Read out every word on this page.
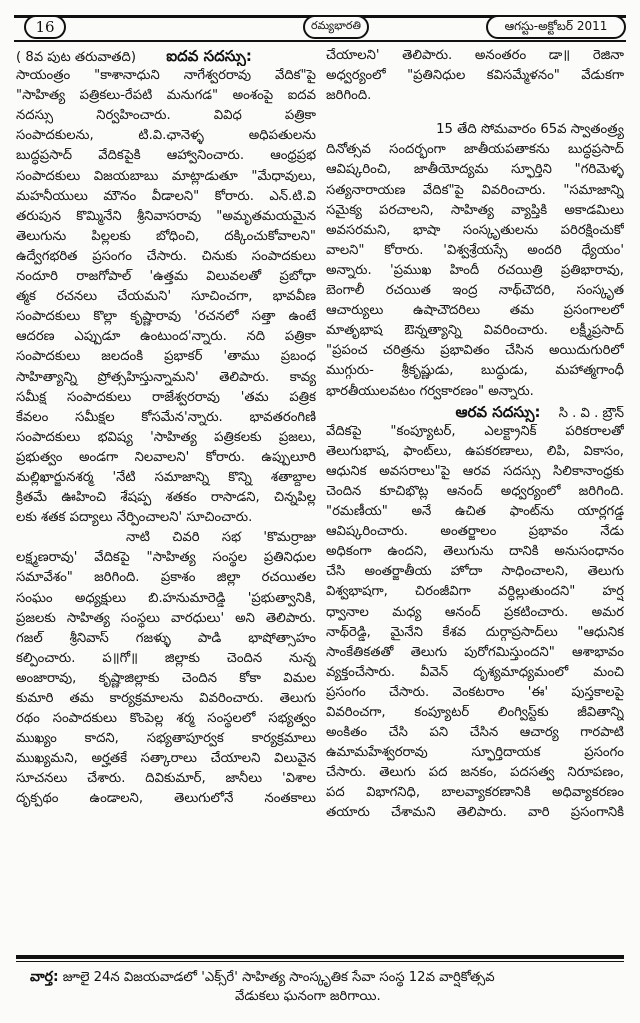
16	రమ్యభారతి	ఆగస్టు-అక్టోబర్ 2011
( 8వ పుట తరువాతది) ఐదవ సదస్సు:
సాయంత్రం "కాశానాధుని నాగేశ్వరరావు వేదిక"పై
"సాహిత్య పత్రికలు-రేపటి మనుగడ" అంశంపై ఐదవ
నదస్సు నిర్వహించారు. వివిధ పత్రికా
సంపాదకులను, టి.వి.ఛానెళ్ళ అధిపతులను
బుద్ధప్రసాద్ వేదికపైకి ఆహ్వానించారు. ఆంధ్రప్రభ
సంపాదకులు విజయబాబు మాట్లాడుతూ "మేధావులు,
మహనీయులు మౌనం వీడాలని" కోరారు. ఎన్.టి.వి
తరుపున కొమ్మినేని శ్రీనివాసరావు "అమృతమయమైన
తెలుగును పిల్లలకు బోధించి, దక్కించుకోవాలని"
ఉద్వేగభరిత ప్రసంగం చేసారు. చినుకు సంపాదకులు
నందూరి రాజగోపాల్ 'ఉత్తమ విలువలతో ప్రబోధా
త్మక రచనలు చేయమని' సూచించగా, భావవీణ
సంపాదకులు కొల్లా కృష్ణారావు 'రచనలో సత్తా ఉంటే
ఆదరణ ఎప్పుడూ ఉంటుంద'న్నారు. నది పత్రికా
సంపాదకులు జలదంకి ప్రభాకర్ 'తాము ప్రబంధ
సాహిత్యాన్ని ప్రోత్సహిస్తున్నామని' తెలిపారు. కావ్య
సమీక్ష సంపాదకులు రాజేశ్వరరావు 'తమ పత్రిక
కేవలం సమీక్షల కోసమేన'న్నారు. భావతరంగిణి
సంపాదకులు భవిష్య 'సాహిత్య పత్రికలకు ప్రజలు,
ప్రభుత్వం అండగా నిలవాలని' కోరారు. ఉప్పులూరి
మల్లిఖార్జునశర్మ 'నేటి సమాజాన్ని కొన్ని శతాబ్దాల
క్రితమే ఊహించి శేషప్ప శతకం రాసాడని, చిన్నపిల్ల
లకు శతక పద్యాలు నేర్పించాలని' సూచించారు.
నాటి చివరి సభ 'కొమర్రాజు
లక్ష్మణరావు' వేదికపై "సాహిత్య సంస్థల ప్రతినిధుల
సమావేశం" జరిగింది. ప్రకాశం జిల్లా రచయితల
సంఘం అధ్యక్షులు బి.హనుమారెడ్డి 'ప్రభుత్వానికి,
ప్రజలకు సాహిత్య సంస్థలు వారధులు' అని తెలిపారు.
గజల్ శ్రీనివాస్ గజళ్ళు పాడి భాషోత్సాహం
కల్పించారు. ప॥గో॥ జిల్లాకు చెందిన నున్న
అంజారావు, కృష్ణాజిల్లాకు చెందిన కోకా విమల
కుమారి తమ కార్యక్రమాలను వివరించారు. తెలుగు
రథం సంపాదకులు కొంపెల్ల శర్మ సంస్థలలో సభ్యత్వం
ముఖ్యం కాదని, సభ్యతాపూర్వక కార్యక్రమాలు
ముఖ్యమని, అర్హతకే సత్కారాలు చేయాలని విలువైన
సూచనలు చేశారు. దివికుమార్, జానీలు 'విశాల
దృక్పథం ఉండాలని, తెలుగులోనే నంతకాలు
చేయాలని' తెలిపారు. అనంతరం డా॥ రెజినా
అధ్వర్యంలో "ప్రతినిధుల కవిసమ్మేళనం" వేడుకగా
జరిగింది.
15 తేది సోమవారం 65వ స్వాతంత్ర్య
దినోత్సవ సందర్భంగా జాతీయపతాకను బుద్ధప్రసాద్
ఆవిష్కరించి, జాతీయోద్యమ స్ఫూర్తిని "గరిమెళ్ళ
సత్యనారాయణ వేదిక"పై వివరించారు. "సమాజాన్ని
సమైక్య పరచాలని, సాహిత్య వ్యాప్తికి అకాడమిలు
అవసరమని, భాషా సంస్కృతులను పరిరక్షించుకో
వాలని" కోరారు. 'విశ్వశ్రేయస్సే అందరి ధ్యేయం'
అన్నారు. 'ప్రముఖ హిందీ రచయిత్రి ప్రతిభారావు,
బెంగాలీ రచయిత ఇంద్ర నాథ్‌చౌదరి, సంస్కృత
ఆచార్యులు ఉషాచౌదరిలు తమ ప్రసంగాలలో
మాతృభాష ఔన్నత్యాన్ని వివరించారు. లక్ష్మీప్రసాద్
"ప్రపంచ చరిత్రను ప్రభావితం చేసిన అయిదుగురిలో
ముగ్గురు- శ్రీకృష్ణుడు, బుద్ధుడు, మహాత్మగాంధీ
భారతీయులవటం గర్వకారణం" అన్నారు.
ఆరవ సదస్సు: సి . వి . బ్రౌన్
వేదికపై "కంప్యూటర్, ఎలక్ట్రానిక్ పరికరాలతో
తెలుగుభాష, ఫాంట్‌లు, ఉపకరణాలు, లిపి, వికాసం,
ఆధునిక అవసరాలు"పై ఆరవ సదస్సు సిలికానాంధ్రకు
చెందిన కూచిభొట్ల ఆనంద్ అధ్వర్యంలో జరిగింది.
"రమణీయ" అనే ఉచిత ఫాంట్‌ను యార్లగడ్డ
ఆవిష్కరించారు. అంతర్జాలం ప్రభావం నేడు
అధికంగా ఉందని, తెలుగును దానికి అనుసంధానం
చేసి అంతర్జాతీయ హోదా సాధించాలని, తెలుగు
విశ్వభాషగా, చిరంజీవిగా వర్ధిల్లుతుందని" హర్ష
ధ్వానాల మధ్య ఆనంద్ ప్రకటించారు. అమర
నాథ్‌రెడ్డి, మైనేని కేశవ దుర్గాప్రసాద్‌లు "ఆధునిక
సాంకేతికతతో తెలుగు పురోగమిస్తుందని" ఆశాభావం
వ్యక్తంచేసారు. వీవెన్ దృశ్యమాధ్యమంలో మంచి
ప్రసంగం చేసారు. వెంకటరాం 'ఈ' పుస్తకాలపై
వివరించగా, కంప్యూటర్ లింగ్విస్ట్‌కు జీవితాన్ని
అంకితం చేసి పని చేసిన ఆచార్య గారపాటి
ఉమామహేశ్వరరావు స్ఫూర్తిదాయక ప్రసంగం
చేసారు. తెలుగు పద జనకం, పదసత్వ నిరూపణం,
పద విభాగనిధి, బాలవ్యాకరణానికి అధివ్యాకరణం
తయారు చేశామని తెలిపారు. వారి ప్రసంగానికి
వార్త: జూలై 24న విజయవాడలో 'ఎక్స్‌రే' సాహిత్య సాంస్కృతిక సేవా సంస్థ 12వ వార్షికోత్సవ
వేడుకలు ఘనంగా జరిగాయి.
